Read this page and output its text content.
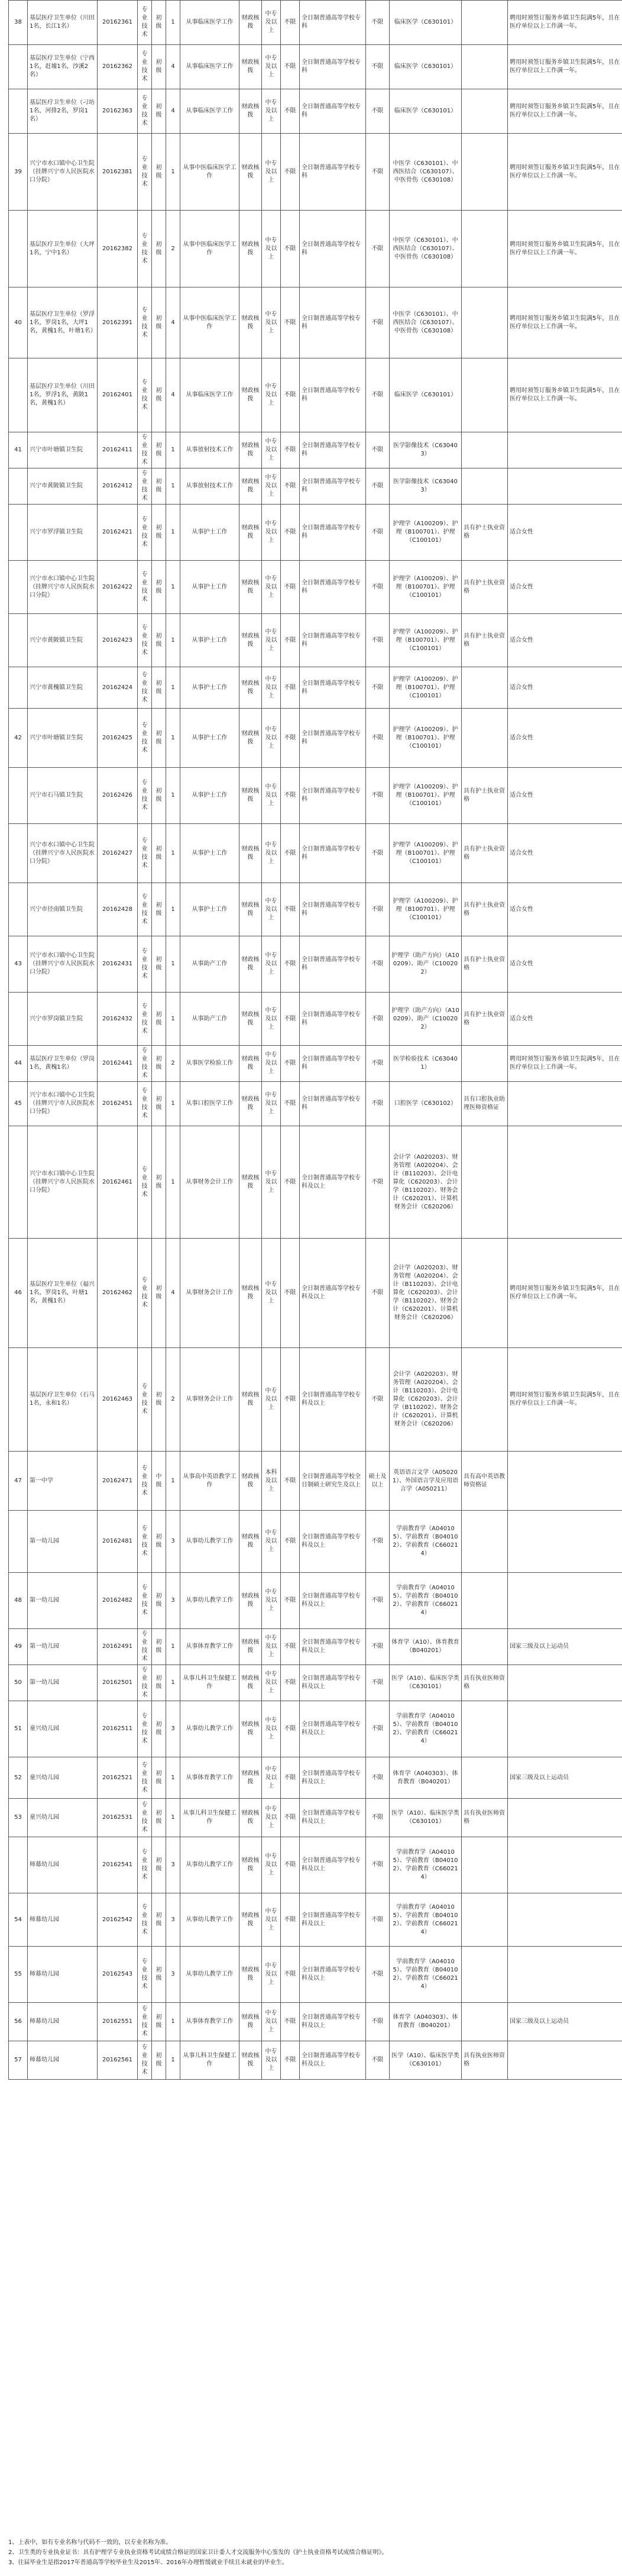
38	基层医疗卫生单位（川田1名，长江1名）	20162361	专业技术	初级	1	从事临床医学工作	财政核拨	中专及以上	不限	全日制普通高等学校专科	不限	临床医学（C630101）		聘用时须签订服务乡镇卫生院满5年，且在医疗单位以上工作满一年。
	基层医疗卫生单位（宁西1名，赶墟1名，沙溪2名）	20162362	专业技术	初级	4	从事临床医学工作	财政核拨	中专及以上	不限	全日制普通高等学校专科	不限	临床医学（C630101）		聘用时须签订服务乡镇卫生院满5年，且在医疗单位以上工作满一年。
	基层医疗卫生单位（刁坊1名，河排2名，罗岗1名）	20162363	专业技术	初级	4	从事临床医学工作	财政核拨	中专及以上	不限	全日制普通高等学校专科	不限	临床医学（C630101）		聘用时须签订服务乡镇卫生院满5年，且在医疗单位以上工作满一年。
39	兴宁市水口镇中心卫生院（挂牌兴宁市人民医院水口分院）	20162381	专业技术	初级	1	从事中医临床医学工作	财政核拨	中专及以上	不限	全日制普通高等学校专科	不限	中医学（C630101）、中西医结合（C630107）、中医骨伤（C630108）		聘用时须签订服务乡镇卫生院满5年，且在医疗单位以上工作满一年。
	基层医疗卫生单位（大坪1名，宁中1名）	20162382	专业技术	初级	2	从事中医临床医学工作	财政核拨	中专及以上	不限	全日制普通高等学校专科	不限	中医学（C630101）、中西医结合（C630107）、中医骨伤（C630108）		聘用时须签订服务乡镇卫生院满5年，且在医疗单位以上工作满一年。
40	基层医疗卫生单位（罗浮1名，罗岗1名，大坪1名，黄槐1名，叶塘1名）	20162391	专业技术	初级	4	从事中医临床医学工作	财政核拨	中专及以上	不限	全日制普通高等学校专科	不限	中医学（C630101）、中西医结合（C630107）、中医骨伤（C630108）		聘用时须签订服务乡镇卫生院满5年，且在医疗单位以上工作满一年。
	基层医疗卫生单位（川田1名，罗浮1名，黄陂1名，黄槐1名）	20162401	专业技术	初级	4	从事临床医学工作	财政核拨	中专及以上	不限	全日制普通高等学校专科	不限	临床医学（C630101）		聘用时须签订服务乡镇卫生院满5年，且在医疗单位以上工作满一年。
41	兴宁市叶塘镇卫生院	20162411	专业技术	初级	1	从事放射技术工作	财政核拨	中专及以上	不限	全日制普通高等学校专科	不限	医学影像技术（C630403）		
	兴宁市黄陂镇卫生院	20162412	专业技术	初级	1	从事放射技术工作	财政核拨	中专及以上	不限	全日制普通高等学校专科	不限	医学影像技术（C630403）		
	兴宁市罗浮镇卫生院	20162421	专业技术	初级	1	从事护士工作	财政核拨	中专及以上	不限	全日制普通高等学校专科	不限	护理学（A100209）、护理（B100701）、护理（C100101）	具有护士执业资格	适合女性
	兴宁市水口镇中心卫生院（挂牌兴宁市人民医院水口分院）	20162422	专业技术	初级	1	从事护士工作	财政核拨	中专及以上	不限	全日制普通高等学校专科	不限	护理学（A100209）、护理（B100701）、护理（C100101）	具有护士执业资格	适合女性
	兴宁市黄陂镇卫生院	20162423	专业技术	初级	1	从事护士工作	财政核拨	中专及以上	不限	全日制普通高等学校专科	不限	护理学（A100209）、护理（B100701）、护理（C100101）	具有护士执业资格	适合女性
	兴宁市黄槐镇卫生院	20162424	专业技术	初级	1	从事护士工作	财政核拨	中专及以上	不限	全日制普通高等学校专科	不限	护理学（A100209）、护理（B100701）、护理（C100101）		适合女性
42	兴宁市叶塘镇卫生院	20162425	专业技术	初级	1	从事护士工作	财政核拨	中专及以上	不限	全日制普通高等学校专科	不限	护理学（A100209）、护理（B100701）、护理（C100101）		适合女性
	兴宁市石马镇卫生院	20162426	专业技术	初级	1	从事护士工作	财政核拨	中专及以上	不限	全日制普通高等学校专科	不限	护理学（A100209）、护理（B100701）、护理（C100101）	具有护士执业资格	适合女性
	兴宁市水口镇中心卫生院（挂牌兴宁市人民医院水口分院）	20162427	专业技术	初级	1	从事护士工作	财政核拨	中专及以上	不限	全日制普通高等学校专科	不限	护理学（A100209）、护理（B100701）、护理（C100101）	具有护士执业资格	适合女性
	兴宁市径南镇卫生院	20162428	专业技术	初级	1	从事护士工作	财政核拨	中专及以上	不限	全日制普通高等学校专科	不限	护理学（A100209）、护理（B100701）、护理（C100101）	具有护士执业资格	适合女性
43	兴宁市水口镇中心卫生院（挂牌兴宁市人民医院水口分院）	20162431	专业技术	初级	1	从事助产工作	财政核拨	中专及以上	不限	全日制普通高等学校专科	不限	护理学（助产方向）（A100209）、助产（C100202）	具有护士执业资格	适合女性
	兴宁市罗岗镇卫生院	20162432	专业技术	初级	1	从事助产工作	财政核拨	中专及以上	不限	全日制普通高等学校专科	不限	护理学（助产方向）（A100209）、助产（C100202）	具有护士执业资格	适合女性
44	基层医疗卫生单位（罗岗1名，黄槐1名）	20162441	专业技术	初级	2	从事医学检验工作	财政核拨	中专及以上	不限	全日制普通高等学校专科	不限	医学检验技术（C630401）		聘用时须签订服务乡镇卫生院满5年，且在医疗单位以上工作满一年。
45	兴宁市水口镇中心卫生院（挂牌兴宁市人民医院水口分院）	20162451	专业技术	初级	1	从事口腔医学工作	财政核拨	中专及以上	不限	全日制普通高等学校专科	不限	口腔医学（C630102）	具有口腔执业助理医师资格证	
	兴宁市水口镇中心卫生院（挂牌兴宁市人民医院水口分院）	20162461	专业技术	初级	1	从事财务会计工作	财政核拨	中专及以上	不限	全日制普通高等学校专科及以上	不限	会计学（A020203）、财务管理（A020204）、会计（B110203）、会计电算化（C620203）、会计学（B110202）、财务会计（C620201）、计算机财务会计（C620206）		
46	基层医疗卫生单位（福兴1名，罗岗1名，叶塘1名，黄槐1名）	20162462	专业技术	初级	4	从事财务会计工作	财政核拨	中专及以上	不限	全日制普通高等学校专科及以上	不限	会计学（A020203）、财务管理（A020204）、会计（B110203）、会计电算化（C620203）、会计学（B110202）、财务会计（C620201）、计算机财务会计（C620206）		聘用时须签订服务乡镇卫生院满5年，且在医疗单位以上工作满一年。
	基层医疗卫生单位（石马1名，永和1名）	20162463	专业技术	初级	2	从事财务会计工作	财政核拨	中专及以上	不限	全日制普通高等学校专科及以上	不限	会计学（A020203）、财务管理（A020204）、会计（B110203）、会计电算化（C620203）、会计学（B110202）、财务会计（C620201）、计算机财务会计（C620206）		聘用时须签订服务乡镇卫生院满5年，且在医疗单位以上工作满一年。
47	第一中学	20162471	专业技术	中级	1	从事高中英语教学工作	财政核拨	本科及以上	不限	全日制普通高等学校全日制硕士研究生及以上	硕士及以上	英语语言文学（A050201）、外国语言学及应用语言学（A050211）	具有高中英语教师资格证	
	第一幼儿园	20162481	专业技术	初级	3	从事幼儿教学工作	财政核拨	中专及以上	不限	全日制普通高等学校专科及以上	不限	学前教育学（A040105）、学前教育（B040102）、学前教育（C660214）		
48	第一幼儿园	20162482	专业技术	初级	3	从事幼儿教学工作	财政核拨	中专及以上	不限	全日制普通高等学校专科及以上	不限	学前教育学（A040105）、学前教育（B040102）、学前教育（C660214）		
49	第一幼儿园	20162491	专业技术	初级	1	从事体育教学工作	财政核拨	中专及以上	不限	全日制普通高等学校专科及以上	不限	体育学（A10）、体育教育（B040201）		国家三级及以上运动员
50	第一幼儿园	20162501	专业技术	初级	1	从事儿科卫生保健工作	财政核拨	中专及以上	不限	全日制普通高等学校专科及以上	不限	医学（A10）、临床医学类（C630101）	具有执业医师资格	
51	童兴幼儿园	20162511	专业技术	初级	3	从事幼儿教学工作	财政核拨	中专及以上	不限	全日制普通高等学校专科及以上	不限	学前教育学（A040105）、学前教育（B040102）、学前教育（C660214）		
52	童兴幼儿园	20162521	专业技术	初级	1	从事体育教学工作	财政核拨	中专及以上	不限	全日制普通高等学校专科及以上	不限	体育学（A040303）、体育教育（B040201）		国家三级及以上运动员
53	童兴幼儿园	20162531	专业技术	初级	1	从事儿科卫生保健工作	财政核拨	中专及以上	不限	全日制普通高等学校专科及以上	不限	医学（A10）、临床医学类（C630101）	具有执业医师资格	
	师幕幼儿园	20162541	专业技术	初级	3	从事幼儿教学工作	财政核拨	中专及以上	不限	全日制普通高等学校专科及以上	不限	学前教育学（A040105）、学前教育（B040102）、学前教育（C660214）		
54	师幕幼儿园	20162542	专业技术	初级	3	从事幼儿教学工作	财政核拨	中专及以上	不限	全日制普通高等学校专科及以上	不限	学前教育学（A040105）、学前教育（B040102）、学前教育（C660214）		
55	师幕幼儿园	20162543	专业技术	初级	3	从事幼儿教学工作	财政核拨	中专及以上	不限	全日制普通高等学校专科及以上	不限	学前教育学（A040105）、学前教育（B040102）、学前教育（C660214）		
56	师幕幼儿园	20162551	专业技术	初级	1	从事体育教学工作	财政核拨	中专及以上	不限	全日制普通高等学校专科及以上	不限	体育学（A040303）、体育教育（B040201）		国家三级及以上运动员
57	师幕幼儿园	20162561	专业技术	初级	1	从事儿科卫生保健工作	财政核拨	中专及以上	不限	全日制普通高等学校专科及以上	不限	医学（A10）、临床医学类（C630101）	具有执业医师资格	

1、上表中，如有专业名称与代码不一致的，以专业名称为准。

2、卫生类的专业执业证书：具有护理学专业执业资格考试成绩合格证的国家卫计委人才交流服务中心鉴发的《护士执业资格考试成绩合格证明》。

3、往届毕业生是指2017年普通高等学校毕业生及2015年、2016年办理暂缓就业手续且未就业的毕业生。
